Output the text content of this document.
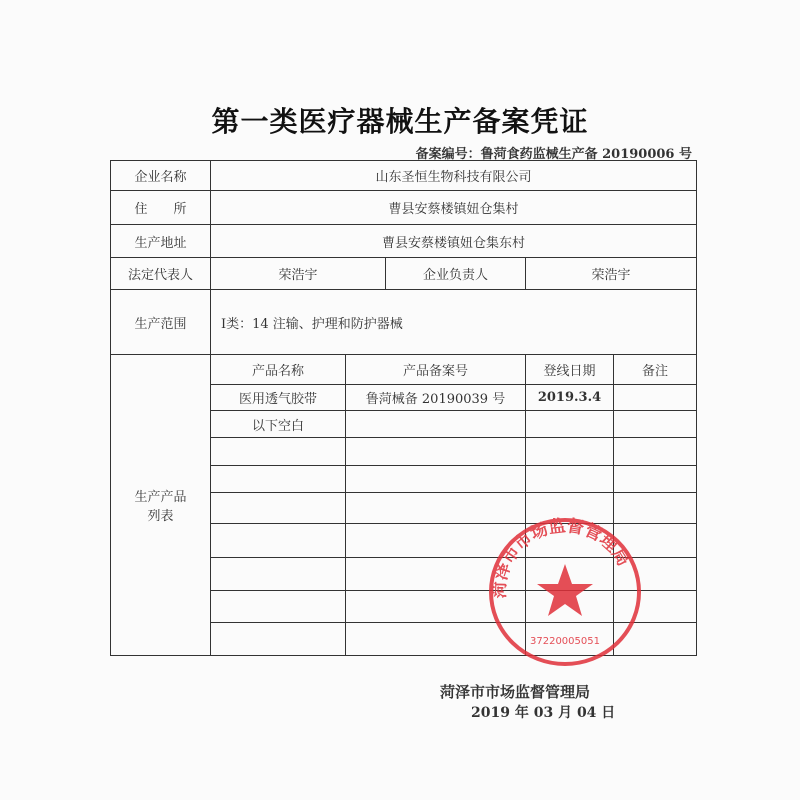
第一类医疗器械生产备案凭证
备案编号：鲁菏食药监械生产备 20190006 号
企业名称	山东圣恒生物科技有限公司				
住　　所	曹县安蔡楼镇妞仓集村				
生产地址	曹县安蔡楼镇妞仓集东村				
法定代表人	荣浩宇		企业负责人	荣浩宇	
生产范围	Ⅰ类：14 注输、护理和防护器械				
生产产品列表	产品名称	产品备案号		登线日期	备注
	医用透气胶带	鲁菏械备 20190039 号		2019.3.4	
	以下空白				

菏泽市市场监督管理局
37220005051
菏泽市市场监督管理局
2019 年 03 月 04 日
